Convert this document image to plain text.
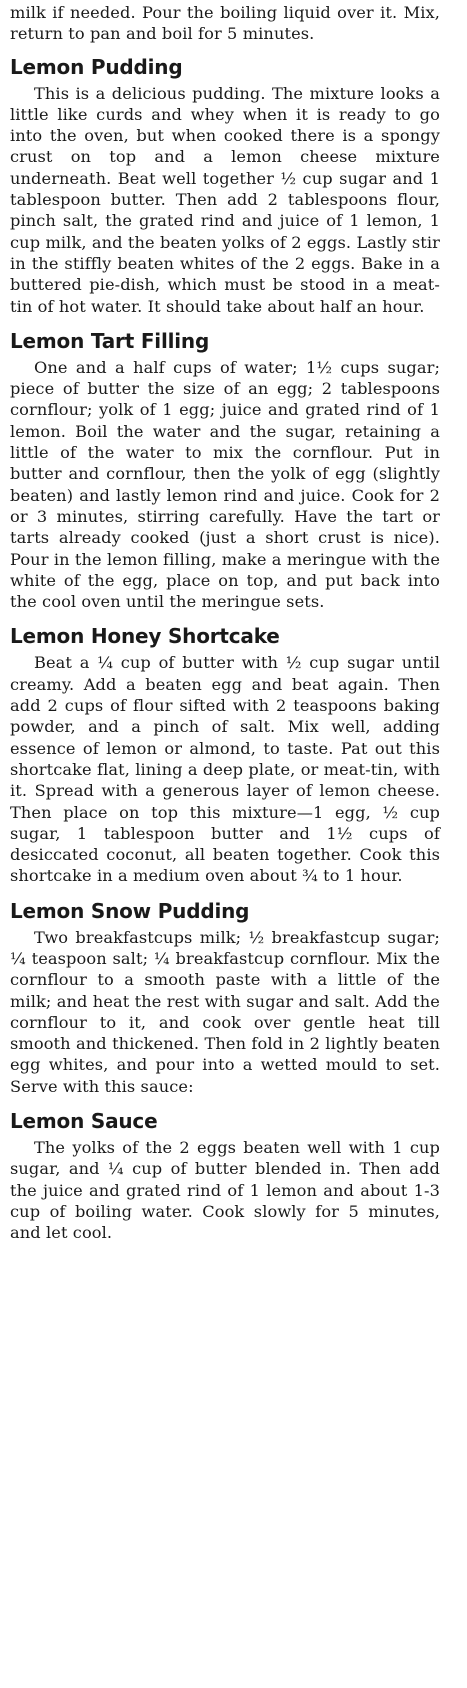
milk if needed. Pour the boiling liquid over it. Mix, return to pan and boil for 5 minutes.

Lemon Pudding

This is a delicious pudding. The mixture looks a little like curds and whey when it is ready to go into the oven, but when cooked there is a spongy crust on top and a lemon cheese mixture underneath. Beat well together ½ cup sugar and 1 tablespoon butter. Then add 2 tablespoons flour, pinch salt, the grated rind and juice of 1 lemon, 1 cup milk, and the beaten yolks of 2 eggs. Lastly stir in the stiffly beaten whites of the 2 eggs. Bake in a buttered pie-dish, which must be stood in a meat-tin of hot water. It should take about half an hour.

Lemon Tart Filling

One and a half cups of water; 1½ cups sugar; piece of butter the size of an egg; 2 tablespoons cornflour; yolk of 1 egg; juice and grated rind of 1 lemon. Boil the water and the sugar, retaining a little of the water to mix the cornflour. Put in butter and cornflour, then the yolk of egg (slightly beaten) and lastly lemon rind and juice. Cook for 2 or 3 minutes, stirring carefully. Have the tart or tarts already cooked (just a short crust is nice). Pour in the lemon filling, make a meringue with the white of the egg, place on top, and put back into the cool oven until the meringue sets.

Lemon Honey Shortcake

Beat a ¼ cup of butter with ½ cup sugar until creamy. Add a beaten egg and beat again. Then add 2 cups of flour sifted with 2 teaspoons baking powder, and a pinch of salt. Mix well, adding essence of lemon or almond, to taste. Pat out this shortcake flat, lining a deep plate, or meat-tin, with it. Spread with a generous layer of lemon cheese. Then place on top this mixture—1 egg, ½ cup sugar, 1 tablespoon butter and 1½ cups of desiccated coconut, all beaten together. Cook this shortcake in a medium oven about ¾ to 1 hour.

Lemon Snow Pudding

Two breakfastcups milk; ½ breakfastcup sugar; ¼ teaspoon salt; ¼ breakfastcup cornflour. Mix the cornflour to a smooth paste with a little of the milk; and heat the rest with sugar and salt. Add the cornflour to it, and cook over gentle heat till smooth and thickened. Then fold in 2 lightly beaten egg whites, and pour into a wetted mould to set. Serve with this sauce:

Lemon Sauce

The yolks of the 2 eggs beaten well with 1 cup sugar, and ¼ cup of butter blended in. Then add the juice and grated rind of 1 lemon and about 1-3 cup of boiling water. Cook slowly for 5 minutes, and let cool.
